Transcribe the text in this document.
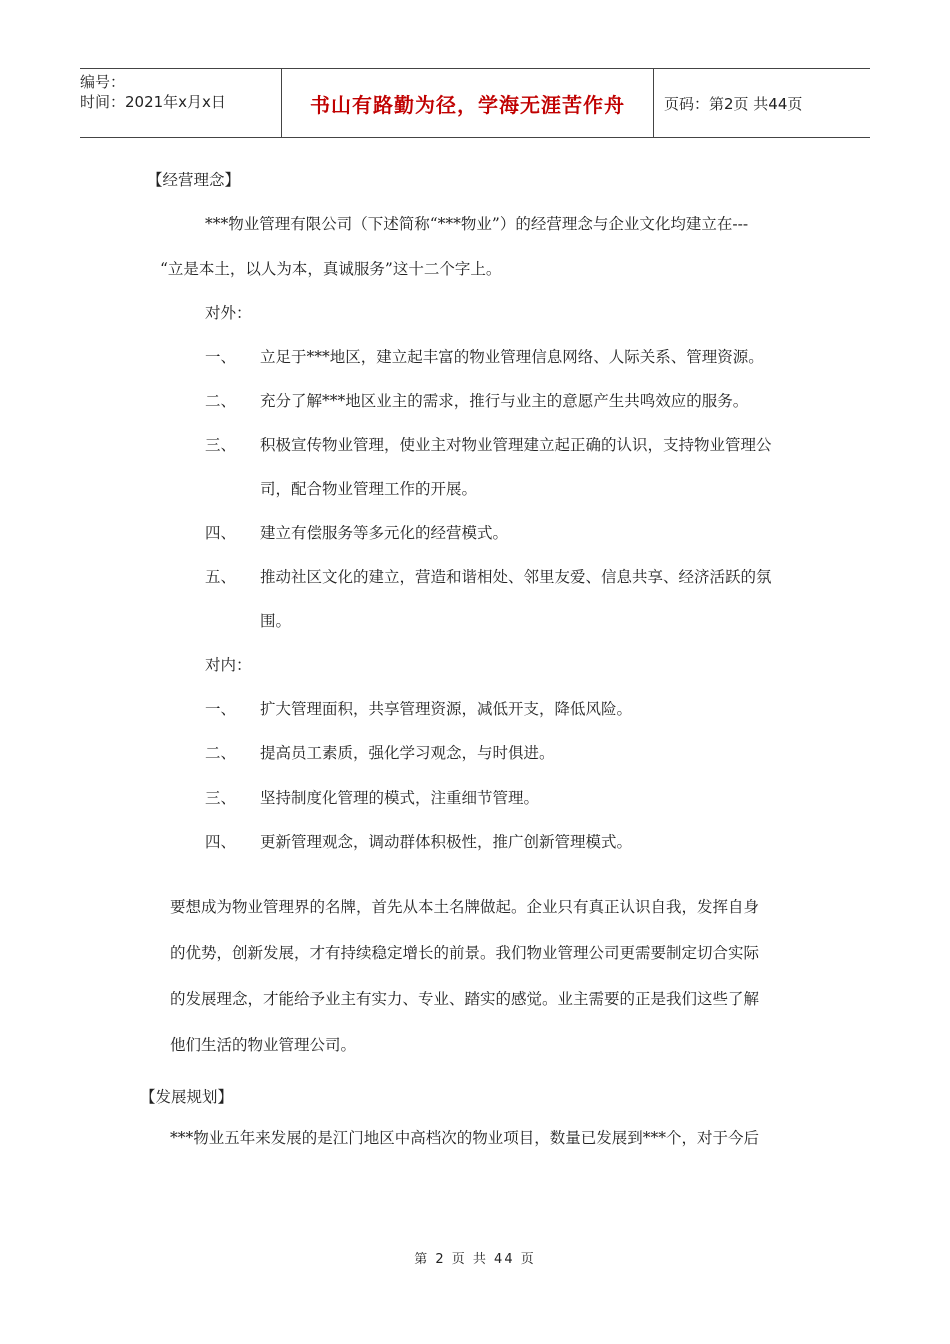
编号：
时间：2021年x月x日	书山有路勤为径，学海无涯苦作舟	页码：第2页 共44页
【经营理念】
***物业管理有限公司（下述简称“***物业”）的经营理念与企业文化均建立在---
“立是本土，以人为本，真诚服务”这十二个字上。
对外：
一、 立足于***地区，建立起丰富的物业管理信息网络、人际关系、管理资源。
二、 充分了解***地区业主的需求，推行与业主的意愿产生共鸣效应的服务。
三、 积极宣传物业管理，使业主对物业管理建立起正确的认识，支持物业管理公
司，配合物业管理工作的开展。
四、 建立有偿服务等多元化的经营模式。
五、 推动社区文化的建立，营造和谐相处、邻里友爱、信息共享、经济活跃的氛
围。
对内：
一、 扩大管理面积，共享管理资源，减低开支，降低风险。
二、 提高员工素质，强化学习观念，与时俱进。
三、 坚持制度化管理的模式，注重细节管理。
四、 更新管理观念，调动群体积极性，推广创新管理模式。
要想成为物业管理界的名牌，首先从本土名牌做起。企业只有真正认识自我，发挥自身
的优势，创新发展，才有持续稳定增长的前景。我们物业管理公司更需要制定切合实际
的发展理念，才能给予业主有实力、专业、踏实的感觉。业主需要的正是我们这些了解
他们生活的物业管理公司。
【发展规划】
***物业五年来发展的是江门地区中高档次的物业项目，数量已发展到***个，对于今后
第 2 页 共 44 页
